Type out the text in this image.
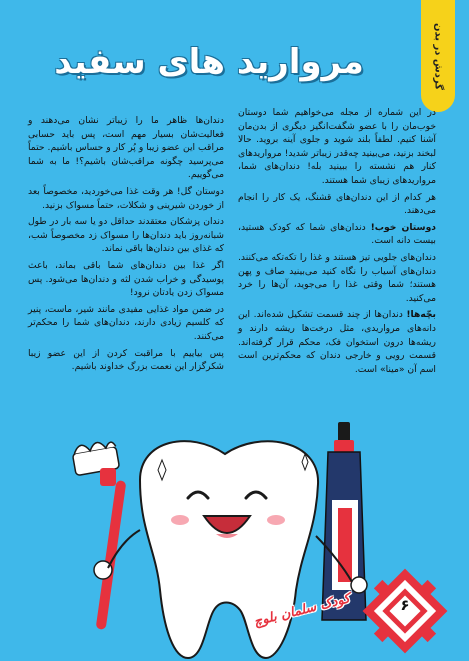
گردش در بدن
مروارید های سفید

در این شماره از مجله می‌خواهیم شما دوستان خوب‌مان را با عضو شگفت‌انگیز دیگری از بدن‌مان آشنا کنیم. لطفاً بلند شوید و جلوی آینه بروید. حالا لبخند بزنید، می‌بینید چه‌قدر زیباتر شدید! مرواریدهای کنار هم نشسته را ببینید بله! دندان‌های شما، مرواریدهای زیبای شما هستند.

هر کدام از این دندان‌های قشنگ، یک کار را انجام می‌دهند.

دوستان خوب! دندان‌های شما که کودک هستید، بیست دانه است.

دندان‌های جلویی تیز هستند و غذا را تکه‌تکه می‌کنند. دندان‌های آسیاب را نگاه کنید می‌بینید صاف و پهن هستند؛ شما وقتی غذا را می‌جوید، آن‌ها را خرد می‌کنید.

بچّه‌ها! دندان‌ها از چند قسمت تشکیل شده‌اند. این دانه‌های مرواریدی، مثل درخت‌ها ریشه دارند و ریشه‌ها درون استخوان فک، محکم قرار گرفته‌اند. قسمت رویی و خارجی دندان که محکم‌ترین است اسم آن «مینا» است.

دندان‌ها ظاهر ما را زیباتر نشان می‌دهند و فعالیت‌شان بسیار مهم است، پس باید حسابی مراقب این عضو زیبا و پُر کار و حساس باشیم. حتماً می‌پرسید چگونه مراقب‌شان باشیم؟! ما به شما می‌گوییم.

دوستان گل! هر وقت غذا می‌خوردید، مخصوصاً بعد از خوردن شیرینی و شکلات، حتماً مسواک بزنید.

دندان پزشکان معتقدند حداقل دو یا سه بار در طول شبانه‌روز باید دندان‌ها را مسواک زد مخصوصاً شب، که غذای بین دندان‌ها باقی نماند.

اگر غذا بین دندان‌های شما باقی بماند، باعث پوسیدگی و خراب شدن لثه و دندان‌ها می‌شود. پس مسواک زدن یادتان نرود!

در ضمن مواد غذایی مفیدی مانند شیر، ماست، پنیر که کلسیم زیادی دارند، دندان‌های شما را محکم‌تر می‌کنند.

پس بیاییم با مراقبت کردن از این عضو زیبا شکرگزار این نعمت بزرگ خداوند باشیم.

۶
کودک سلمان بلوچ
